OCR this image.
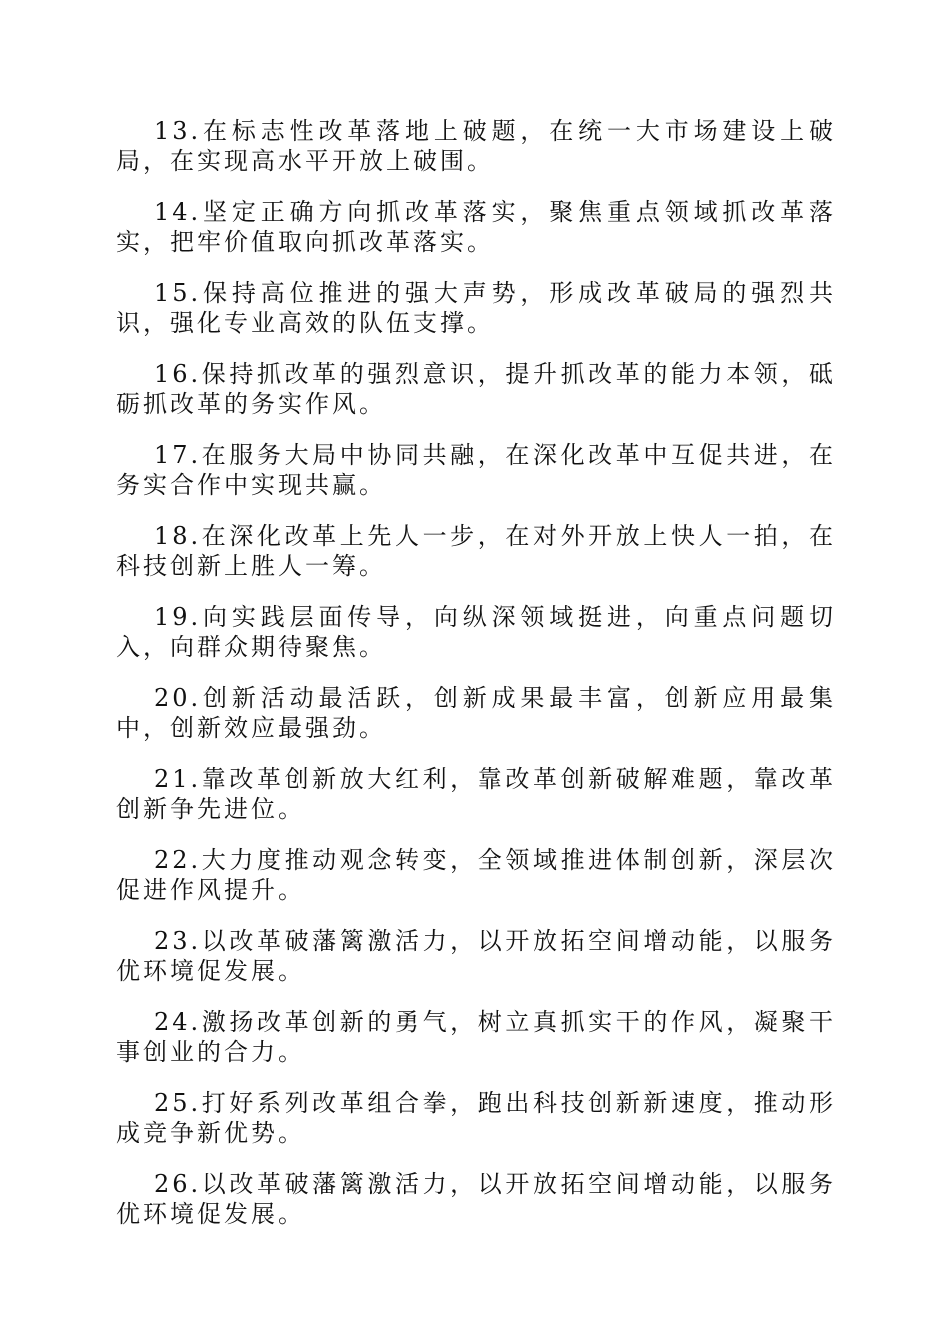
13.在标志性改革落地上破题，在统一大市场建设上破局，在实现高水平开放上破围。

14.坚定正确方向抓改革落实，聚焦重点领域抓改革落实，把牢价值取向抓改革落实。

15.保持高位推进的强大声势，形成改革破局的强烈共识，强化专业高效的队伍支撑。

16.保持抓改革的强烈意识，提升抓改革的能力本领，砥砺抓改革的务实作风。

17.在服务大局中协同共融，在深化改革中互促共进，在务实合作中实现共赢。

18.在深化改革上先人一步，在对外开放上快人一拍，在科技创新上胜人一筹。

19.向实践层面传导，向纵深领域挺进，向重点问题切入，向群众期待聚焦。

20.创新活动最活跃，创新成果最丰富，创新应用最集中，创新效应最强劲。

21.靠改革创新放大红利，靠改革创新破解难题，靠改革创新争先进位。

22.大力度推动观念转变，全领域推进体制创新，深层次促进作风提升。

23.以改革破藩篱激活力，以开放拓空间增动能，以服务优环境促发展。

24.激扬改革创新的勇气，树立真抓实干的作风，凝聚干事创业的合力。

25.打好系列改革组合拳，跑出科技创新新速度，推动形成竞争新优势。

26.以改革破藩篱激活力，以开放拓空间增动能，以服务优环境促发展。
